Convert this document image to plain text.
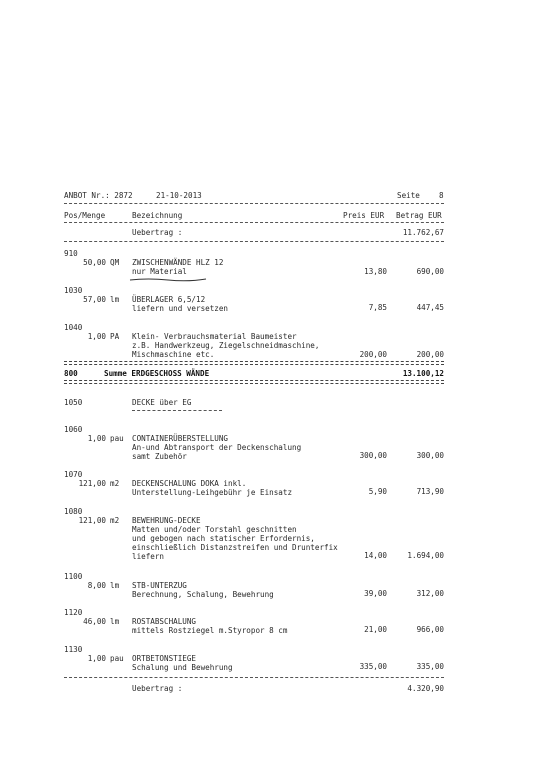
ANBOT Nr.: 2872	21-10-2013	Seite	8
Pos/Menge	Bezeichnung	Preis EUR Betrag EUR
Uebertrag :	11.762,67
910
50,00 QM ZWISCHENWÄNDE HLZ 12
nur Material	13,80	690,00
1030
57,00 lm ÜBERLAGER 6,5/12
liefern und versetzen	7,85	447,45
1040
1,00 PA Klein- Verbrauchsmaterial Baumeister
z.B. Handwerkzeug, Ziegelschneidmaschine,
Mischmaschine etc.	200,00	200,00
800	Summe ERDGESCHOSS WÄNDE	13.100,12
1050	DECKE über EG
1060
1,00 pau CONTAINERÜBERSTELLUNG
An-und Abtransport der Deckenschalung
samt Zubehör	300,00	300,00
1070
121,00 m2 DECKENSCHALUNG DOKA inkl.
Unterstellung-Leihgebühr je Einsatz	5,90	713,90
1080
121,00 m2 BEWEHRUNG-DECKE
Matten und/oder Torstahl geschnitten
und gebogen nach statischer Erfordernis,
einschließlich Distanzstreifen und Drunterfix
liefern	14,00	1.694,00
1100
8,00 lm STB-UNTERZUG
Berechnung, Schalung, Bewehrung	39,00	312,00
1120
46,00 lm ROSTABSCHALUNG
mittels Rostziegel m.Styropor 8 cm	21,00	966,00
1130
1,00 pau ORTBETONSTIEGE
Schalung und Bewehrung	335,00	335,00
Uebertrag :	4.320,90
